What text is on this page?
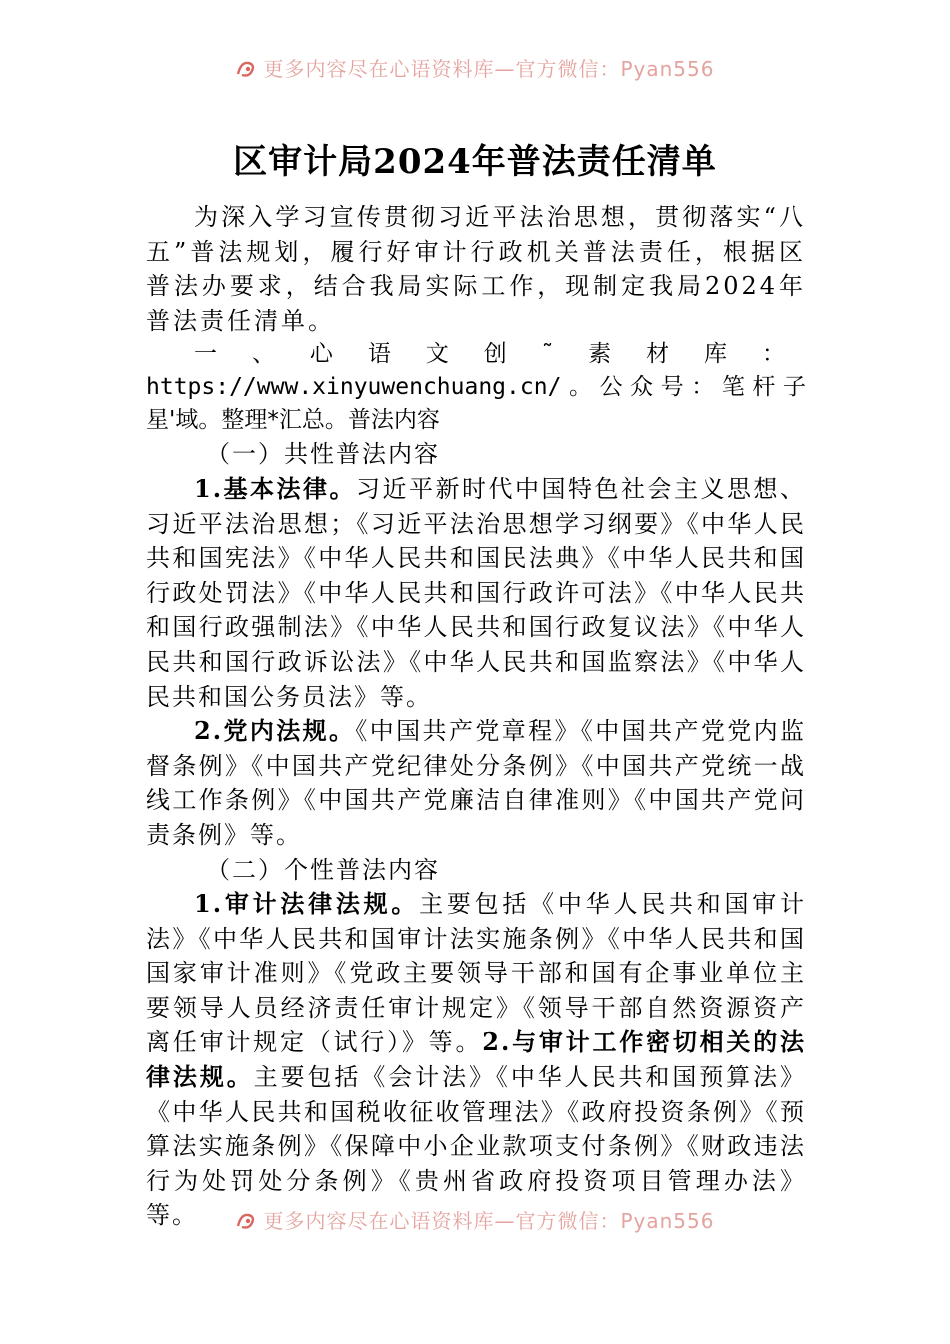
更多内容尽在心语资料库—官方微信：Pyan556
区审计局2024年普法责任清单

为深入学习宣传贯彻习近平法治思想，贯彻落实“八五”普法规划，履行好审计行政机关普法责任，根据区普法办要求，结合我局实际工作，现制定我局2024年普法责任清单。

一、心语文创˜素材库：https://www.xinyuwenchuang.cn/。公众号：笔杆子星'域。整理*汇总。普法内容

（一）共性普法内容

1.基本法律。习近平新时代中国特色社会主义思想、习近平法治思想；《习近平法治思想学习纲要》《中华人民共和国宪法》《中华人民共和国民法典》《中华人民共和国行政处罚法》《中华人民共和国行政许可法》《中华人民共和国行政强制法》《中华人民共和国行政复议法》《中华人民共和国行政诉讼法》《中华人民共和国监察法》《中华人民共和国公务员法》等。

2.党内法规。《中国共产党章程》《中国共产党党内监督条例》《中国共产党纪律处分条例》《中国共产党统一战线工作条例》《中国共产党廉洁自律准则》《中国共产党问责条例》等。

（二）个性普法内容

1.审计法律法规。主要包括《中华人民共和国审计法》《中华人民共和国审计法实施条例》《中华人民共和国国家审计准则》《党政主要领导干部和国有企事业单位主要领导人员经济责任审计规定》《领导干部自然资源资产离任审计规定（试行）》等。2.与审计工作密切相关的法律法规。主要包括《会计法》《中华人民共和国预算法》《中华人民共和国税收征收管理法》《政府投资条例》《预算法实施条例》《保障中小企业款项支付条例》《财政违法行为处罚处分条例》《贵州省政府投资项目管理办法》等。	更多内容尽在心语资料库—官方微信：Pyan556
